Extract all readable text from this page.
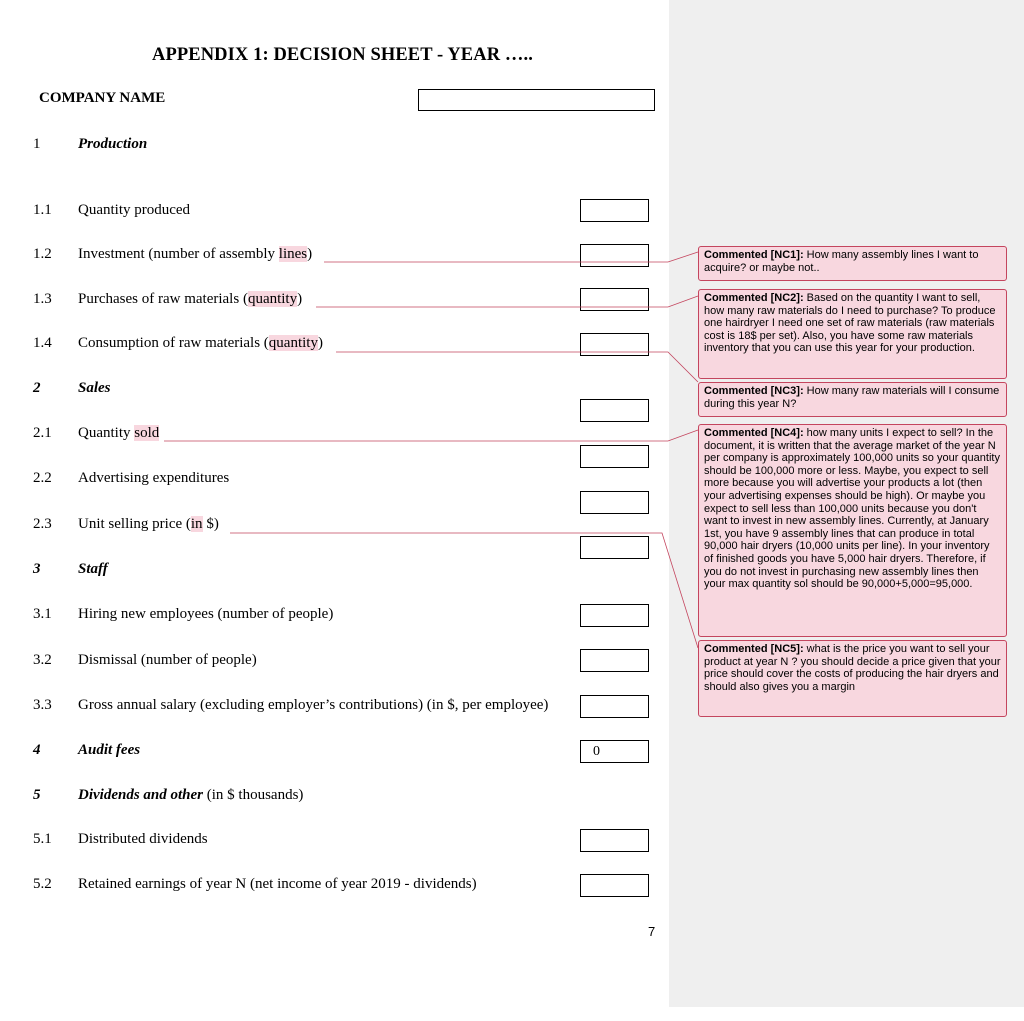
APPENDIX 1: DECISION SHEET - YEAR …..
COMPANY NAME
1	Production
1.1 Quantity produced
1.2 Investment (number of assembly lines)
1.3 Purchases of raw materials (quantity)
1.4 Consumption of raw materials (quantity)
2	Sales
2.1 Quantity sold
2.2 Advertising expenditures
2.3 Unit selling price (in $)
3	Staff
3.1 Hiring new employees (number of people)
3.2 Dismissal (number of people)
3.3 Gross annual salary (excluding employer’s contributions) (in $, per employee)
4	Audit fees	0
5	Dividends and other (in $ thousands)
5.1 Distributed dividends
5.2 Retained earnings of year N (net income of year 2019 - dividends)
7
Commented [NC1]: How many assembly lines I want to acquire? or maybe not..
Commented [NC2]: Based on the quantity I want to sell, how many raw materials do I need to purchase? To produce one hairdryer I need one set of raw materials (raw materials cost is 18$ per set). Also, you have some raw materials inventory that you can use this year for your production.
Commented [NC3]: How many raw materials will I consume during this year N?
Commented [NC4]: how many units I expect to sell? In the document, it is written that the average market of the year N per company is approximately 100,000 units so your quantity should be 100,000 more or less. Maybe, you expect to sell more because you will advertise your products a lot (then your advertising expenses should be high). Or maybe you expect to sell less than 100,000 units because you don't want to invest in new assembly lines. Currently, at January 1st, you have 9 assembly lines that can produce in total 90,000 hair dryers (10,000 units per line). In your inventory of finished goods you have 5,000 hair dryers. Therefore, if you do not invest in purchasing new assembly lines then your max quantity sol should be 90,000+5,000=95,000.
Commented [NC5]: what is the price you want to sell your product at year N ? you should decide a price given that your price should cover the costs of producing the hair dryers and should also gives you a margin
